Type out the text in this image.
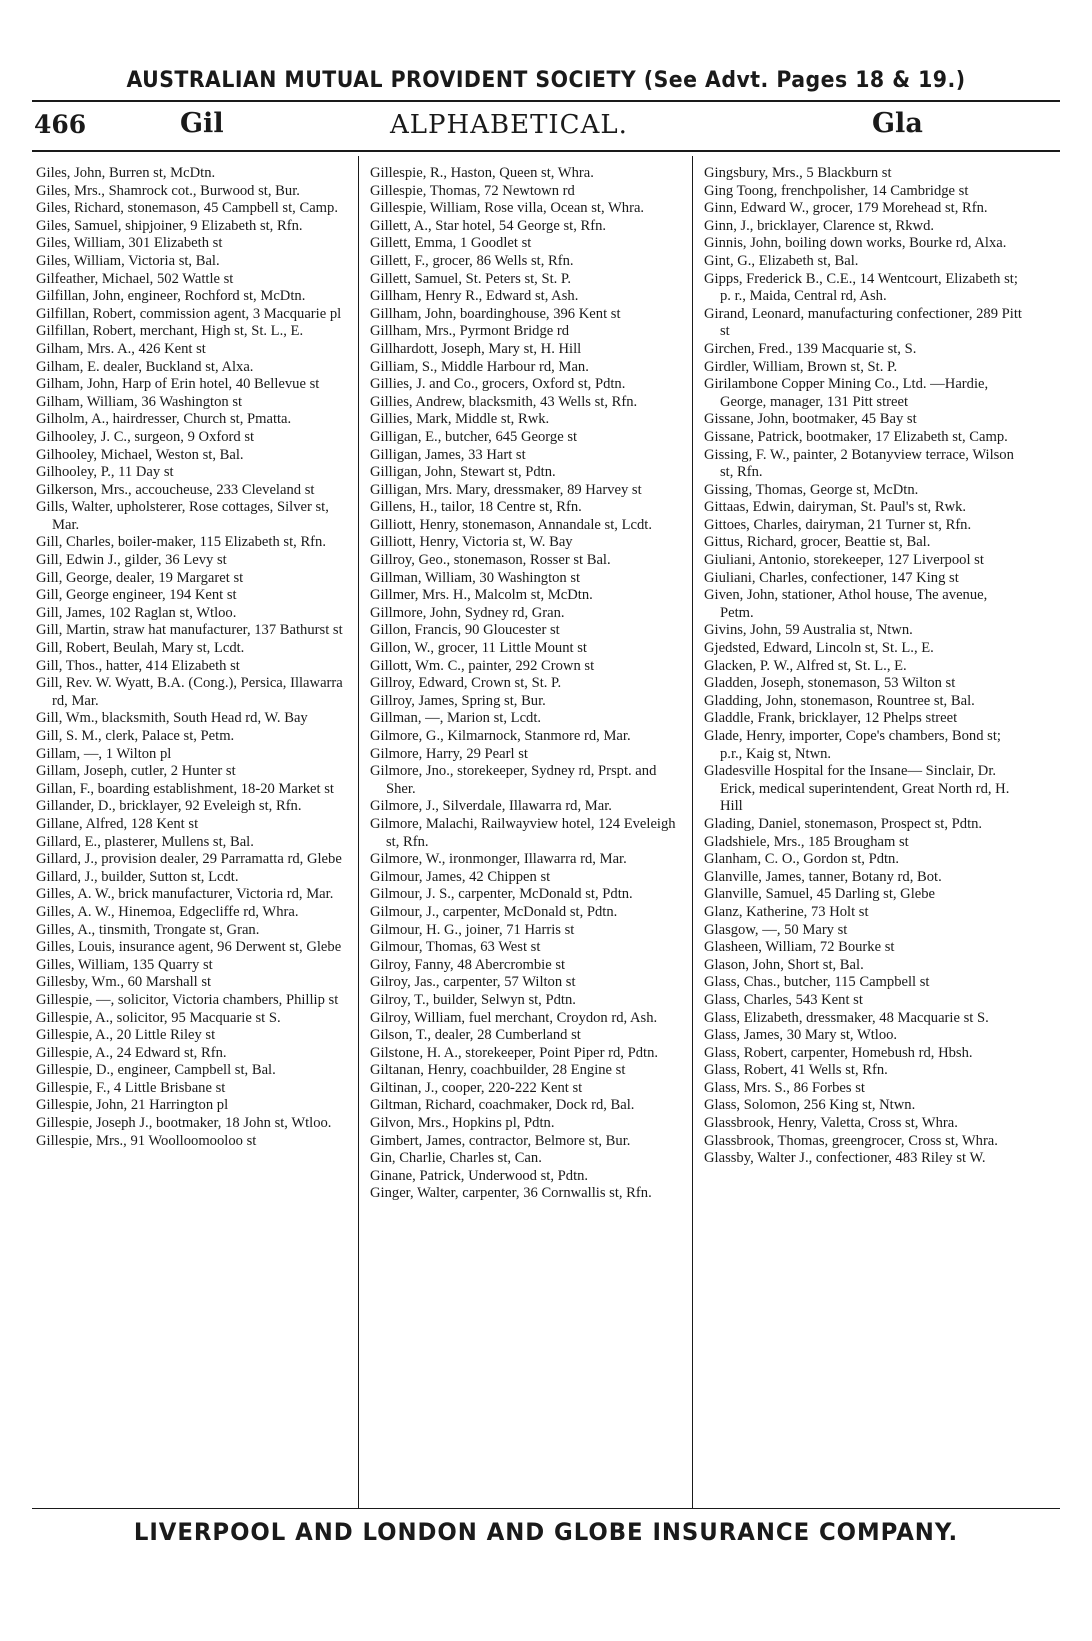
AUSTRALIAN MUTUAL PROVIDENT SOCIETY (See Advt. Pages 18 & 19.)
466	Gil	ALPHABETICAL.	Gla

Giles, John, Burren st, McDtn.

Giles, Mrs., Shamrock cot., Burwood st, Bur.

Giles, Richard, stonemason, 45 Campbell st, Camp.

Giles, Samuel, shipjoiner, 9 Elizabeth st, Rfn.

Giles, William, 301 Elizabeth st

Giles, William, Victoria st, Bal.

Gilfeather, Michael, 502 Wattle st

Gilfillan, John, engineer, Rochford st, McDtn.

Gilfillan, Robert, commission agent, 3 Macquarie pl

Gilfillan, Robert, merchant, High st, St. L., E.

Gilham, Mrs. A., 426 Kent st

Gilham, E. dealer, Buckland st, Alxa.

Gilham, John, Harp of Erin hotel, 40 Bellevue st

Gilham, William, 36 Washington st

Gilholm, A., hairdresser, Church st, Pmatta.

Gilhooley, J. C., surgeon, 9 Oxford st

Gilhooley, Michael, Weston st, Bal.

Gilhooley, P., 11 Day st

Gilkerson, Mrs., accoucheuse, 233 Cleveland st

Gills, Walter, upholsterer, Rose cottages, Silver st, Mar.

Gill, Charles, boiler-maker, 115 Elizabeth st, Rfn.

Gill, Edwin J., gilder, 36 Levy st

Gill, George, dealer, 19 Margaret st

Gill, George engineer, 194 Kent st

Gill, James, 102 Raglan st, Wtloo.

Gill, Martin, straw hat manufacturer, 137 Bathurst st

Gill, Robert, Beulah, Mary st, Lcdt.

Gill, Thos., hatter, 414 Elizabeth st

Gill, Rev. W. Wyatt, B.A. (Cong.), Persica, Illawarra rd, Mar.

Gill, Wm., blacksmith, South Head rd, W. Bay

Gill, S. M., clerk, Palace st, Petm.

Gillam, —, 1 Wilton pl

Gillam, Joseph, cutler, 2 Hunter st

Gillan, F., boarding establishment, 18-20 Market st

Gillander, D., bricklayer, 92 Eveleigh st, Rfn.

Gillane, Alfred, 128 Kent st

Gillard, E., plasterer, Mullens st, Bal.

Gillard, J., provision dealer, 29 Parramatta rd, Glebe

Gillard, J., builder, Sutton st, Lcdt.

Gilles, A. W., brick manufacturer, Victoria rd, Mar.

Gilles, A. W., Hinemoa, Edgecliffe rd, Whra.

Gilles, A., tinsmith, Trongate st, Gran.

Gilles, Louis, insurance agent, 96 Derwent st, Glebe

Gilles, William, 135 Quarry st

Gillesby, Wm., 60 Marshall st

Gillespie, —, solicitor, Victoria chambers, Phillip st

Gillespie, A., solicitor, 95 Macquarie st S.

Gillespie, A., 20 Little Riley st

Gillespie, A., 24 Edward st, Rfn.

Gillespie, D., engineer, Campbell st, Bal.

Gillespie, F., 4 Little Brisbane st

Gillespie, John, 21 Harrington pl

Gillespie, Joseph J., bootmaker, 18 John st, Wtloo.

Gillespie, Mrs., 91 Woolloomooloo st

Gillespie, R., Haston, Queen st, Whra.

Gillespie, Thomas, 72 Newtown rd

Gillespie, William, Rose villa, Ocean st, Whra.

Gillett, A., Star hotel, 54 George st, Rfn.

Gillett, Emma, 1 Goodlet st

Gillett, F., grocer, 86 Wells st, Rfn.

Gillett, Samuel, St. Peters st, St. P.

Gillham, Henry R., Edward st, Ash.

Gillham, John, boardinghouse, 396 Kent st

Gillham, Mrs., Pyrmont Bridge rd

Gillhardott, Joseph, Mary st, H. Hill

Gilliam, S., Middle Harbour rd, Man.

Gillies, J. and Co., grocers, Oxford st, Pdtn.

Gillies, Andrew, blacksmith, 43 Wells st, Rfn.

Gillies, Mark, Middle st, Rwk.

Gilligan, E., butcher, 645 George st

Gilligan, James, 33 Hart st

Gilligan, John, Stewart st, Pdtn.

Gilligan, Mrs. Mary, dressmaker, 89 Harvey st

Gillens, H., tailor, 18 Centre st, Rfn.

Gilliott, Henry, stonemason, Annandale st, Lcdt.

Gilliott, Henry, Victoria st, W. Bay

Gillroy, Geo., stonemason, Rosser st Bal.

Gillman, William, 30 Washington st

Gillmer, Mrs. H., Malcolm st, McDtn.

Gillmore, John, Sydney rd, Gran.

Gillon, Francis, 90 Gloucester st

Gillon, W., grocer, 11 Little Mount st

Gillott, Wm. C., painter, 292 Crown st

Gillroy, Edward, Crown st, St. P.

Gillroy, James, Spring st, Bur.

Gillman, —, Marion st, Lcdt.

Gilmore, G., Kilmarnock, Stanmore rd, Mar.

Gilmore, Harry, 29 Pearl st

Gilmore, Jno., storekeeper, Sydney rd, Prspt. and Sher.

Gilmore, J., Silverdale, Illawarra rd, Mar.

Gilmore, Malachi, Railwayview hotel, 124 Eveleigh st, Rfn.

Gilmore, W., ironmonger, Illawarra rd, Mar.

Gilmour, James, 42 Chippen st

Gilmour, J. S., carpenter, McDonald st, Pdtn.

Gilmour, J., carpenter, McDonald st, Pdtn.

Gilmour, H. G., joiner, 71 Harris st

Gilmour, Thomas, 63 West st

Gilroy, Fanny, 48 Abercrombie st

Gilroy, Jas., carpenter, 57 Wilton st

Gilroy, T., builder, Selwyn st, Pdtn.

Gilroy, William, fuel merchant, Croydon rd, Ash.

Gilson, T., dealer, 28 Cumberland st

Gilstone, H. A., storekeeper, Point Piper rd, Pdtn.

Giltanan, Henry, coachbuilder, 28 Engine st

Giltinan, J., cooper, 220-222 Kent st

Giltman, Richard, coachmaker, Dock rd, Bal.

Gilvon, Mrs., Hopkins pl, Pdtn.

Gimbert, James, contractor, Belmore st, Bur.

Gin, Charlie, Charles st, Can.

Ginane, Patrick, Underwood st, Pdtn.

Ginger, Walter, carpenter, 36 Cornwallis st, Rfn.

Gingsbury, Mrs., 5 Blackburn st

Ging Toong, frenchpolisher, 14 Cambridge st

Ginn, Edward W., grocer, 179 Morehead st, Rfn.

Ginn, J., bricklayer, Clarence st, Rkwd.

Ginnis, John, boiling down works, Bourke rd, Alxa.

Gint, G., Elizabeth st, Bal.

Gipps, Frederick B., C.E., 14 Wentcourt, Elizabeth st; p. r., Maida, Central rd, Ash.

Girand, Leonard, manufacturing confectioner, 289 Pitt st

Girchen, Fred., 139 Macquarie st, S.

Girdler, William, Brown st, St. P.

Girilambone Copper Mining Co., Ltd. —Hardie, George, manager, 131 Pitt street

Gissane, John, bootmaker, 45 Bay st

Gissane, Patrick, bootmaker, 17 Elizabeth st, Camp.

Gissing, F. W., painter, 2 Botanyview terrace, Wilson st, Rfn.

Gissing, Thomas, George st, McDtn.

Gittaas, Edwin, dairyman, St. Paul's st, Rwk.

Gittoes, Charles, dairyman, 21 Turner st, Rfn.

Gittus, Richard, grocer, Beattie st, Bal.

Giuliani, Antonio, storekeeper, 127 Liverpool st

Giuliani, Charles, confectioner, 147 King st

Given, John, stationer, Athol house, The avenue, Petm.

Givins, John, 59 Australia st, Ntwn.

Gjedsted, Edward, Lincoln st, St. L., E.

Glacken, P. W., Alfred st, St. L., E.

Gladden, Joseph, stonemason, 53 Wilton st

Gladding, John, stonemason, Rountree st, Bal.

Gladdle, Frank, bricklayer, 12 Phelps street

Glade, Henry, importer, Cope's chambers, Bond st; p.r., Kaig st, Ntwn.

Gladesville Hospital for the Insane— Sinclair, Dr. Erick, medical superintendent, Great North rd, H. Hill

Glading, Daniel, stonemason, Prospect st, Pdtn.

Gladshiele, Mrs., 185 Brougham st

Glanham, C. O., Gordon st, Pdtn.

Glanville, James, tanner, Botany rd, Bot.

Glanville, Samuel, 45 Darling st, Glebe

Glanz, Katherine, 73 Holt st

Glasgow, —, 50 Mary st

Glasheen, William, 72 Bourke st

Glason, John, Short st, Bal.

Glass, Chas., butcher, 115 Campbell st

Glass, Charles, 543 Kent st

Glass, Elizabeth, dressmaker, 48 Macquarie st S.

Glass, James, 30 Mary st, Wtloo.

Glass, Robert, carpenter, Homebush rd, Hbsh.

Glass, Robert, 41 Wells st, Rfn.

Glass, Mrs. S., 86 Forbes st

Glass, Solomon, 256 King st, Ntwn.

Glassbrook, Henry, Valetta, Cross st, Whra.

Glassbrook, Thomas, greengrocer, Cross st, Whra.

Glassby, Walter J., confectioner, 483 Riley st W.

LIVERPOOL AND LONDON AND GLOBE INSURANCE COMPANY.
